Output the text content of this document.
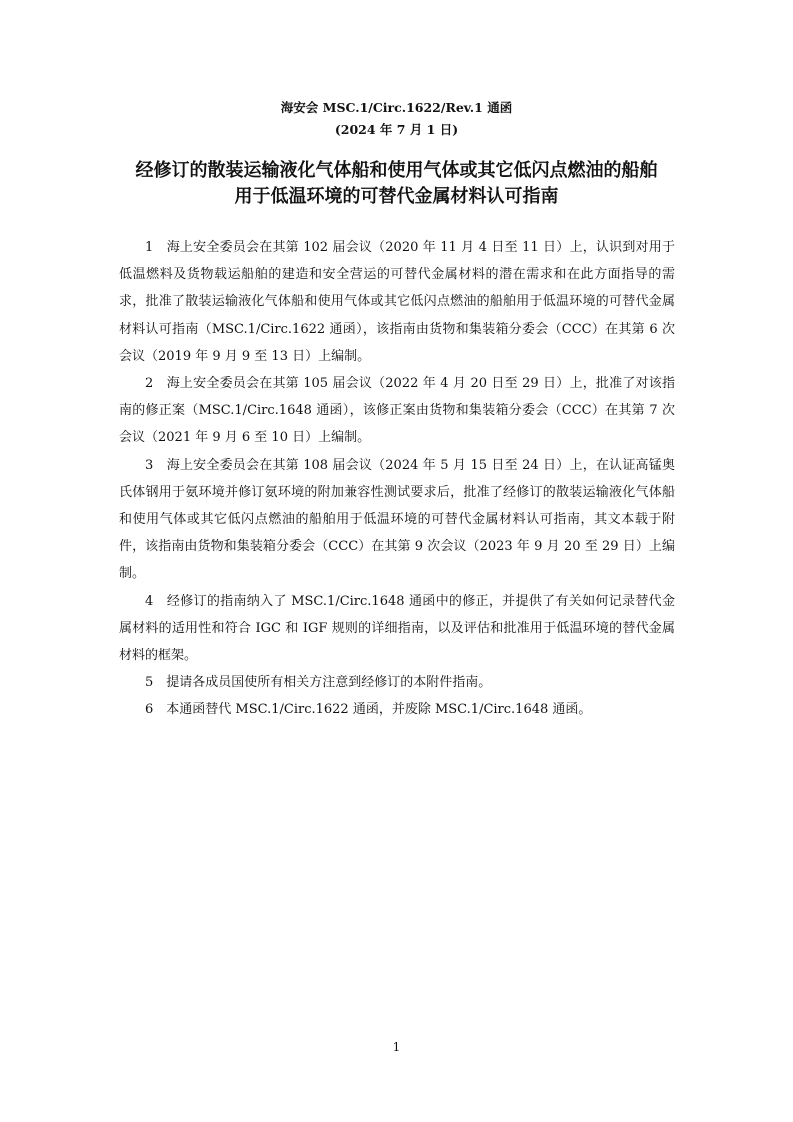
海安会 MSC.1/Circ.1622/Rev.1 通函
(2024 年 7 月 1 日)
经修订的散装运输液化气体船和使用气体或其它低闪点燃油的船舶
用于低温环境的可替代金属材料认可指南

1　海上安全委员会在其第 102 届会议（2020 年 11 月 4 日至 11 日）上，认识到对用于低温燃料及货物载运船舶的建造和安全营运的可替代金属材料的潜在需求和在此方面指导的需求，批准了散装运输液化气体船和使用气体或其它低闪点燃油的船舶用于低温环境的可替代金属材料认可指南（MSC.1/Circ.1622 通函），该指南由货物和集装箱分委会（CCC）在其第 6 次会议（2019 年 9 月 9 至 13 日）上编制。

2　海上安全委员会在其第 105 届会议（2022 年 4 月 20 日至 29 日）上，批准了对该指南的修正案（MSC.1/Circ.1648 通函），该修正案由货物和集装箱分委会（CCC）在其第 7 次会议（2021 年 9 月 6 至 10 日）上编制。

3　海上安全委员会在其第 108 届会议（2024 年 5 月 15 日至 24 日）上，在认证高锰奥氏体钢用于氨环境并修订氨环境的附加兼容性测试要求后，批准了经修订的散装运输液化气体船和使用气体或其它低闪点燃油的船舶用于低温环境的可替代金属材料认可指南，其文本载于附件，该指南由货物和集装箱分委会（CCC）在其第 9 次会议（2023 年 9 月 20 至 29 日）上编制。

4　经修订的指南纳入了 MSC.1/Circ.1648 通函中的修正，并提供了有关如何记录替代金属材料的适用性和符合 IGC 和 IGF 规则的详细指南，以及评估和批准用于低温环境的替代金属材料的框架。

5　提请各成员国使所有相关方注意到经修订的本附件指南。

6　本通函替代 MSC.1/Circ.1622 通函，并废除 MSC.1/Circ.1648 通函。

1
